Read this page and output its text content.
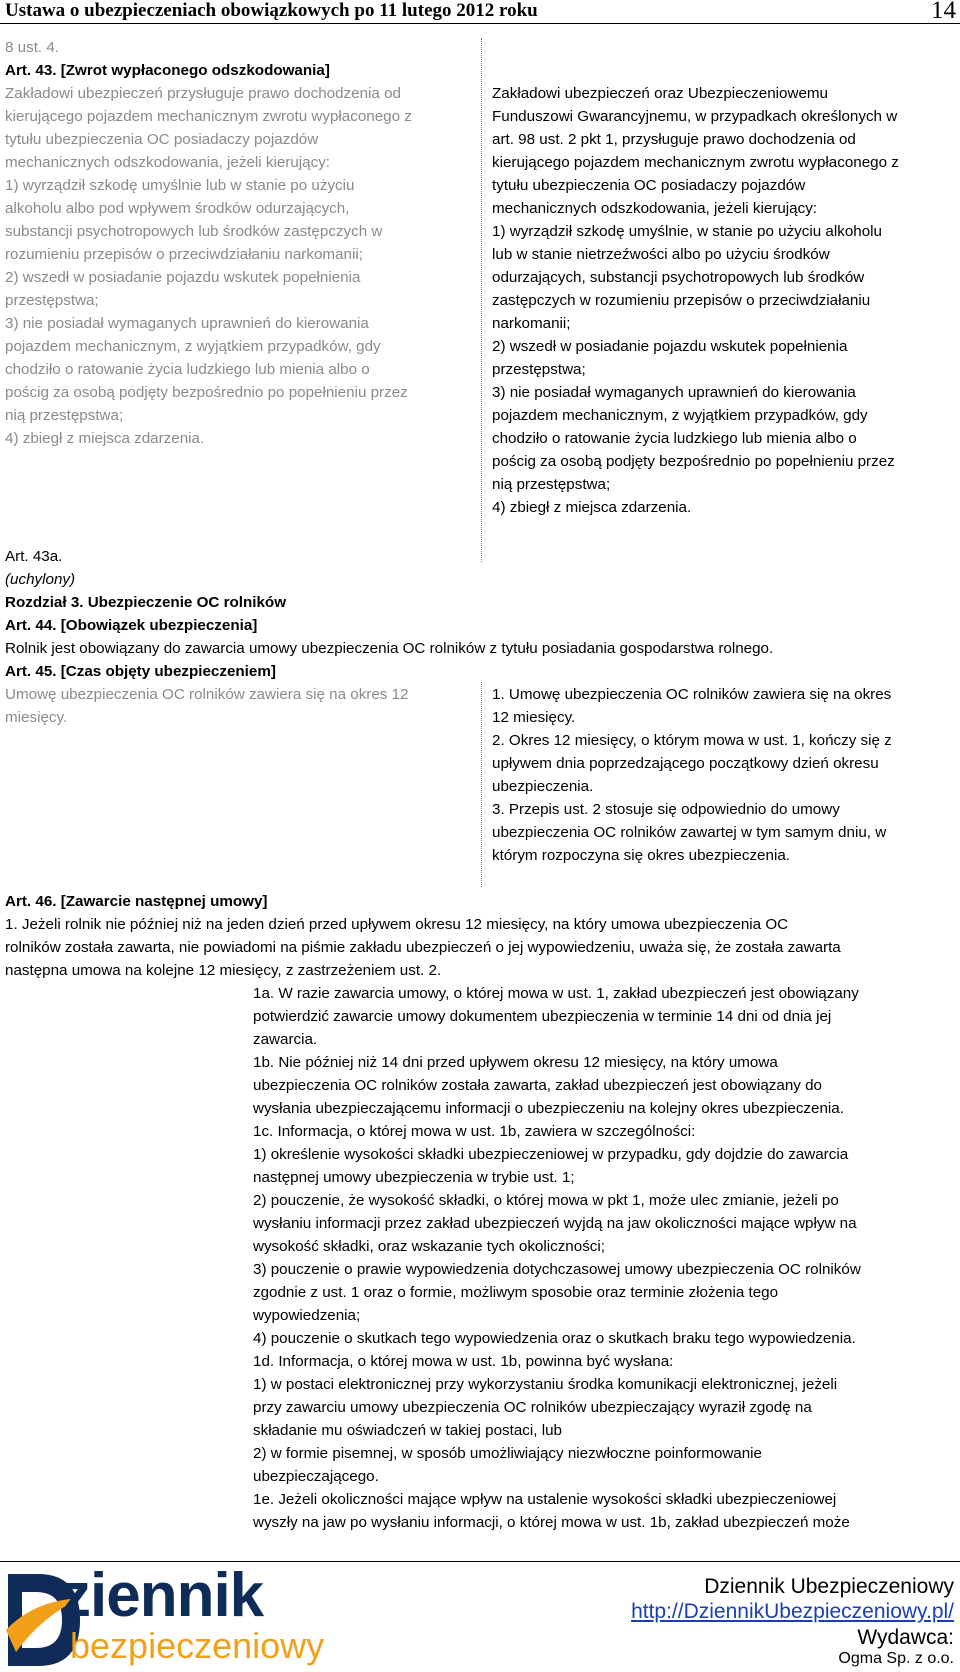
Ustawa o ubezpieczeniach obowiązkowych po 11 lutego 2012 roku	14
8 ust. 4.
Art. 43. [Zwrot wypłaconego odszkodowania]
Zakładowi ubezpieczeń przysługuje prawo dochodzenia od
kierującego pojazdem mechanicznym zwrotu wypłaconego z
tytułu ubezpieczenia OC posiadaczy pojazdów
mechanicznych odszkodowania, jeżeli kierujący:
1) wyrządził szkodę umyślnie lub w stanie po użyciu
alkoholu albo pod wpływem środków odurzających,
substancji psychotropowych lub środków zastępczych w
rozumieniu przepisów o przeciwdziałaniu narkomanii;
2) wszedł w posiadanie pojazdu wskutek popełnienia
przestępstwa;
3) nie posiadał wymaganych uprawnień do kierowania
pojazdem mechanicznym, z wyjątkiem przypadków, gdy
chodziło o ratowanie życia ludzkiego lub mienia albo o
pościg za osobą podjęty bezpośrednio po popełnieniu przez
nią przestępstwa;
4) zbiegł z miejsca zdarzenia.
Zakładowi ubezpieczeń oraz Ubezpieczeniowemu
Funduszowi Gwarancyjnemu, w przypadkach określonych w
art. 98 ust. 2 pkt 1, przysługuje prawo dochodzenia od
kierującego pojazdem mechanicznym zwrotu wypłaconego z
tytułu ubezpieczenia OC posiadaczy pojazdów
mechanicznych odszkodowania, jeżeli kierujący:
1) wyrządził szkodę umyślnie, w stanie po użyciu alkoholu
lub w stanie nietrzeźwości albo po użyciu środków
odurzających, substancji psychotropowych lub środków
zastępczych w rozumieniu przepisów o przeciwdziałaniu
narkomanii;
2) wszedł w posiadanie pojazdu wskutek popełnienia
przestępstwa;
3) nie posiadał wymaganych uprawnień do kierowania
pojazdem mechanicznym, z wyjątkiem przypadków, gdy
chodziło o ratowanie życia ludzkiego lub mienia albo o
pościg za osobą podjęty bezpośrednio po popełnieniu przez
nią przestępstwa;
4) zbiegł z miejsca zdarzenia.
Art. 43a.
(uchylony)
Rozdział 3. Ubezpieczenie OC rolników
Art. 44. [Obowiązek ubezpieczenia]
Rolnik jest obowiązany do zawarcia umowy ubezpieczenia OC rolników z tytułu posiadania gospodarstwa rolnego.
Art. 45. [Czas objęty ubezpieczeniem]
Umowę ubezpieczenia OC rolników zawiera się na okres 12
miesięcy.
1. Umowę ubezpieczenia OC rolników zawiera się na okres
12 miesięcy.
2. Okres 12 miesięcy, o którym mowa w ust. 1, kończy się z
upływem dnia poprzedzającego początkowy dzień okresu
ubezpieczenia.
3. Przepis ust. 2 stosuje się odpowiednio do umowy
ubezpieczenia OC rolników zawartej w tym samym dniu, w
którym rozpoczyna się okres ubezpieczenia.
Art. 46. [Zawarcie następnej umowy]
1. Jeżeli rolnik nie później niż na jeden dzień przed upływem okresu 12 miesięcy, na który umowa ubezpieczenia OC
rolników została zawarta, nie powiadomi na piśmie zakładu ubezpieczeń o jej wypowiedzeniu, uważa się, że została zawarta
następna umowa na kolejne 12 miesięcy, z zastrzeżeniem ust. 2.
1a. W razie zawarcia umowy, o której mowa w ust. 1, zakład ubezpieczeń jest obowiązany
potwierdzić zawarcie umowy dokumentem ubezpieczenia w terminie 14 dni od dnia jej
zawarcia.
1b. Nie później niż 14 dni przed upływem okresu 12 miesięcy, na który umowa
ubezpieczenia OC rolników została zawarta, zakład ubezpieczeń jest obowiązany do
wysłania ubezpieczającemu informacji o ubezpieczeniu na kolejny okres ubezpieczenia.
1c. Informacja, o której mowa w ust. 1b, zawiera w szczególności:
1) określenie wysokości składki ubezpieczeniowej w przypadku, gdy dojdzie do zawarcia
następnej umowy ubezpieczenia w trybie ust. 1;
2) pouczenie, że wysokość składki, o której mowa w pkt 1, może ulec zmianie, jeżeli po
wysłaniu informacji przez zakład ubezpieczeń wyjdą na jaw okoliczności mające wpływ na
wysokość składki, oraz wskazanie tych okoliczności;
3) pouczenie o prawie wypowiedzenia dotychczasowej umowy ubezpieczenia OC rolników
zgodnie z ust. 1 oraz o formie, możliwym sposobie oraz terminie złożenia tego
wypowiedzenia;
4) pouczenie o skutkach tego wypowiedzenia oraz o skutkach braku tego wypowiedzenia.
1d. Informacja, o której mowa w ust. 1b, powinna być wysłana:
1) w postaci elektronicznej przy wykorzystaniu środka komunikacji elektronicznej, jeżeli
przy zawarciu umowy ubezpieczenia OC rolników ubezpieczający wyraził zgodę na
składanie mu oświadczeń w takiej postaci, lub
2) w formie pisemnej, w sposób umożliwiający niezwłoczne poinformowanie
ubezpieczającego.
1e. Jeżeli okoliczności mające wpływ na ustalenie wysokości składki ubezpieczeniowej
wyszły na jaw po wysłaniu informacji, o której mowa w ust. 1b, zakład ubezpieczeń może
ziennik
bezpieczeniowy
Dziennik Ubezpieczeniowy
http://DziennikUbezpieczeniowy.pl/
Wydawca:
Ogma Sp. z o.o.
